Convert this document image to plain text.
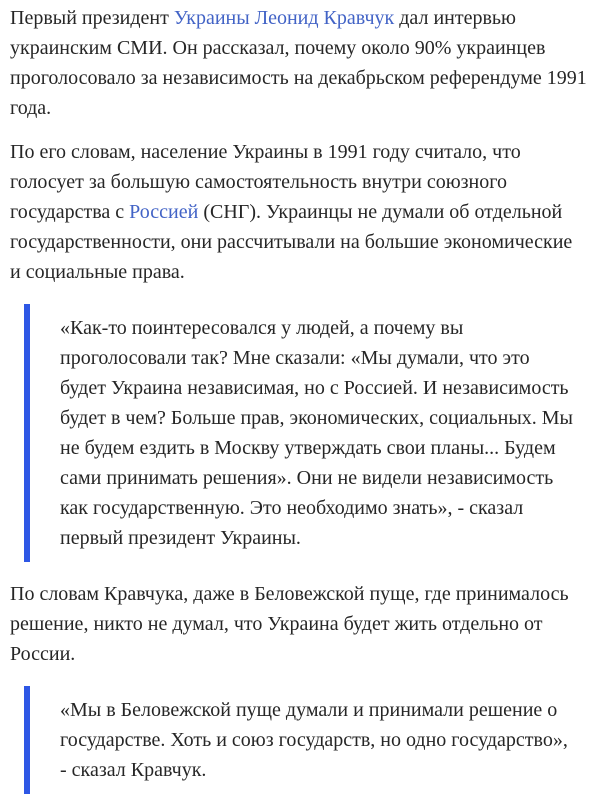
Первый президент Украины Леонид Кравчук дал интервью украинским СМИ. Он рассказал, почему около 90% украинцев проголосовало за независимость на декабрьском референдуме 1991 года.

По его словам, население Украины в 1991 году считало, что голосует за большую самостоятельность внутри союзного государства с Россией (СНГ). Украинцы не думали об отдельной государственности, они рассчитывали на большие экономические и социальные права.

«Как-то поинтересовался у людей, а почему вы проголосовали так? Мне сказали: «Мы думали, что это будет Украина независимая, но с Россией. И независимость будет в чем? Больше прав, экономических, социальных. Мы не будем ездить в Москву утверждать свои планы... Будем сами принимать решения». Они не видели независимость как государственную. Это необходимо знать», - сказал первый президент Украины.

По словам Кравчука, даже в Беловежской пуще, где принималось решение, никто не думал, что Украина будет жить отдельно от России.

«Мы в Беловежской пуще думали и принимали решение о государстве. Хоть и союз государств, но одно государство», - сказал Кравчук.
